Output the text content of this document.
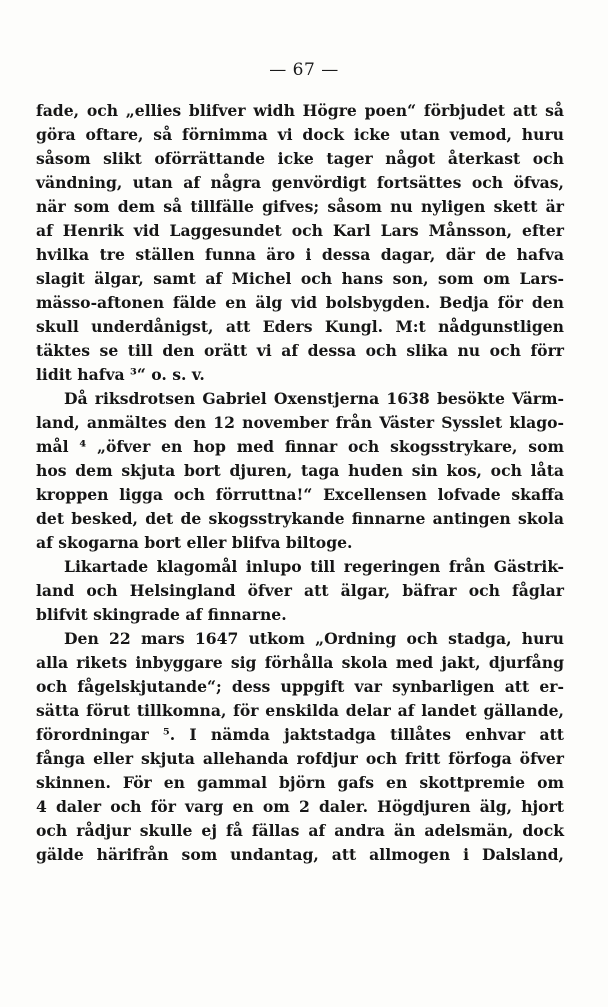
— 67 —
fade, och „ellies blifver widh Högre poen“ förbjudet att så
göra oftare, så förnimma vi dock icke utan vemod, huru
såsom slikt oförrättande icke tager något återkast och
vändning, utan af några genvördigt fortsättes och öfvas,
när som dem så tillfälle gifves; såsom nu nyligen skett är
af Henrik vid Laggesundet och Karl Lars Månsson, efter
hvilka tre ställen funna äro i dessa dagar, där de hafva
slagit älgar, samt af Michel och hans son, som om Lars-
mässo-aftonen fälde en älg vid bolsbygden. Bedja för den
skull underdånigst, att Eders Kungl. M:t nådgunstligen
täktes se till den orätt vi af dessa och slika nu och förr
lidit hafva ³“ o. s. v.
Då riksdrotsen Gabriel Oxenstjerna 1638 besökte Värm-
land, anmältes den 12 november från Väster Sysslet klago-
mål ⁴ „öfver en hop med finnar och skogsstrykare, som
hos dem skjuta bort djuren, taga huden sin kos, och låta
kroppen ligga och förruttna!“ Excellensen lofvade skaffa
det besked, det de skogsstrykande finnarne antingen skola
af skogarna bort eller blifva biltoge.
Likartade klagomål inlupo till regeringen från Gästrik-
land och Helsingland öfver att älgar, bäfrar och fåglar
blifvit skingrade af finnarne.
Den 22 mars 1647 utkom „Ordning och stadga, huru
alla rikets inbyggare sig förhålla skola med jakt, djurfång
och fågelskjutande“; dess uppgift var synbarligen att er-
sätta förut tillkomna, för enskilda delar af landet gällande,
förordningar ⁵. I nämda jaktstadga tillåtes enhvar att
fånga eller skjuta allehanda rofdjur och fritt förfoga öfver
skinnen. För en gammal björn gafs en skottpremie om
4 daler och för varg en om 2 daler. Högdjuren älg, hjort
och rådjur skulle ej få fällas af andra än adelsmän, dock
gälde härifrån som undantag, att allmogen i Dalsland,
